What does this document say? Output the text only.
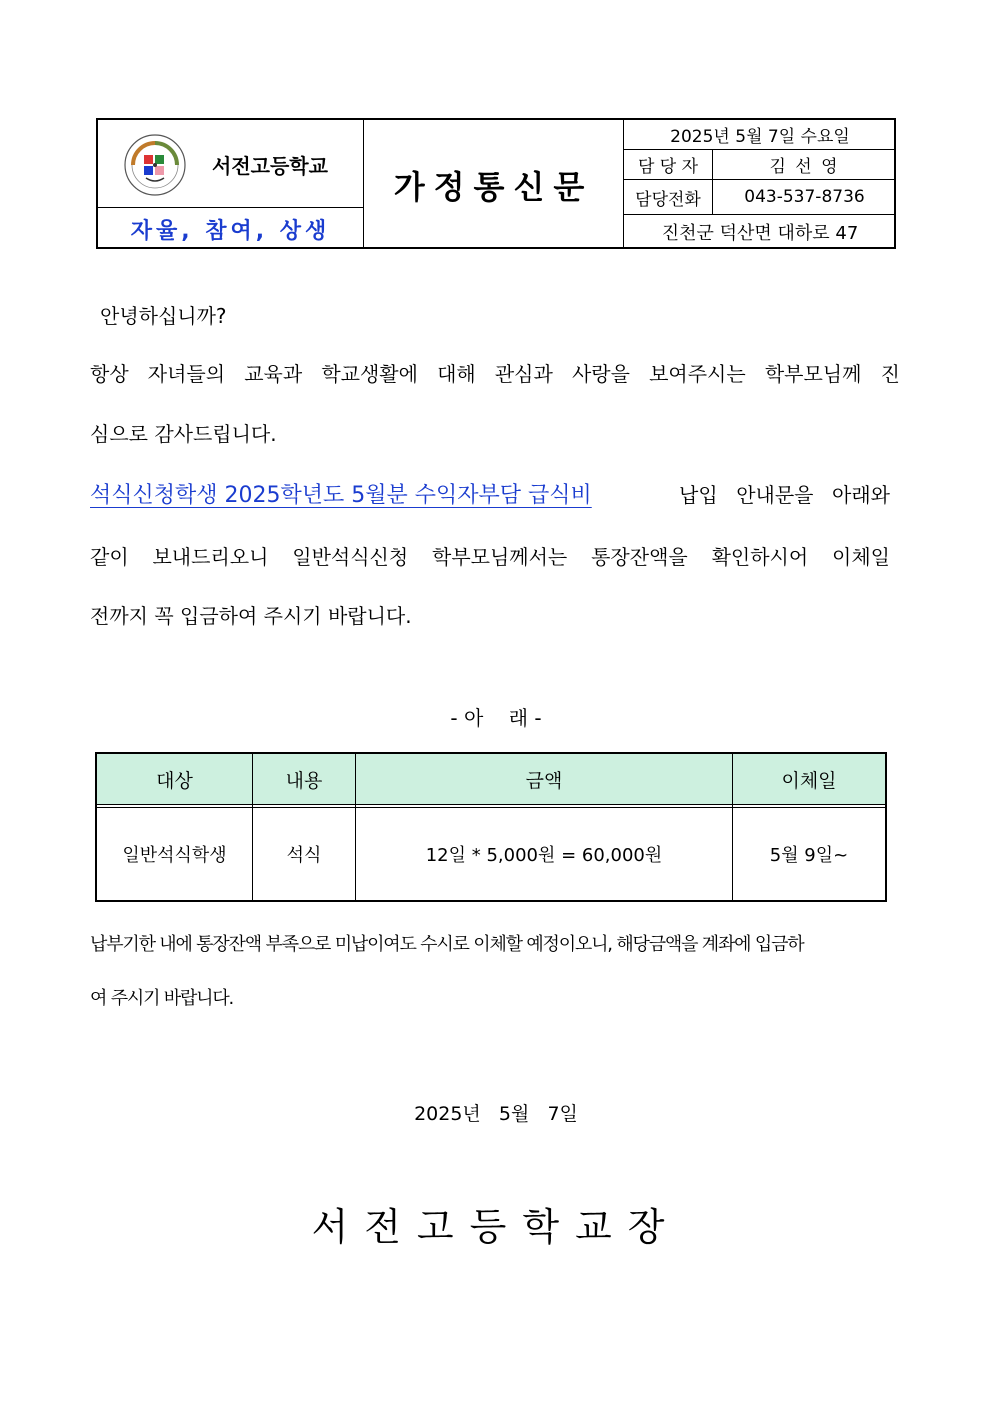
서전고등학교
자율, 참여, 상생
가정통신문
2025년 5월 7일 수요일
담 당 자	김 선 영
담당전화	043-537-8736
진천군 덕산면 대하로 47
안녕하십니까?
항상 자녀들의 교육과 학교생활에 대해 관심과 사랑을 보여주시는 학부모님께 진
심으로 감사드립니다.
석식신청학생 2025학년도 5월분 수익자부담 급식비	납입 안내문을 아래와
같이 보내드리오니 일반석식신청 학부모님께서는 통장잔액을 확인하시어 이체일
전까지 꼭 입금하여 주시기 바랍니다.
- 아    래 -
대상	내용	금액	이체일
일반석식학생	석식	12일 * 5,000원 = 60,000원	5월 9일~
납부기한 내에 통장잔액 부족으로 미납이여도 수시로 이체할 예정이오니, 해당금액을 계좌에 입금하
여 주시기 바랍니다.
2025년   5월   7일
서전고등학교장
